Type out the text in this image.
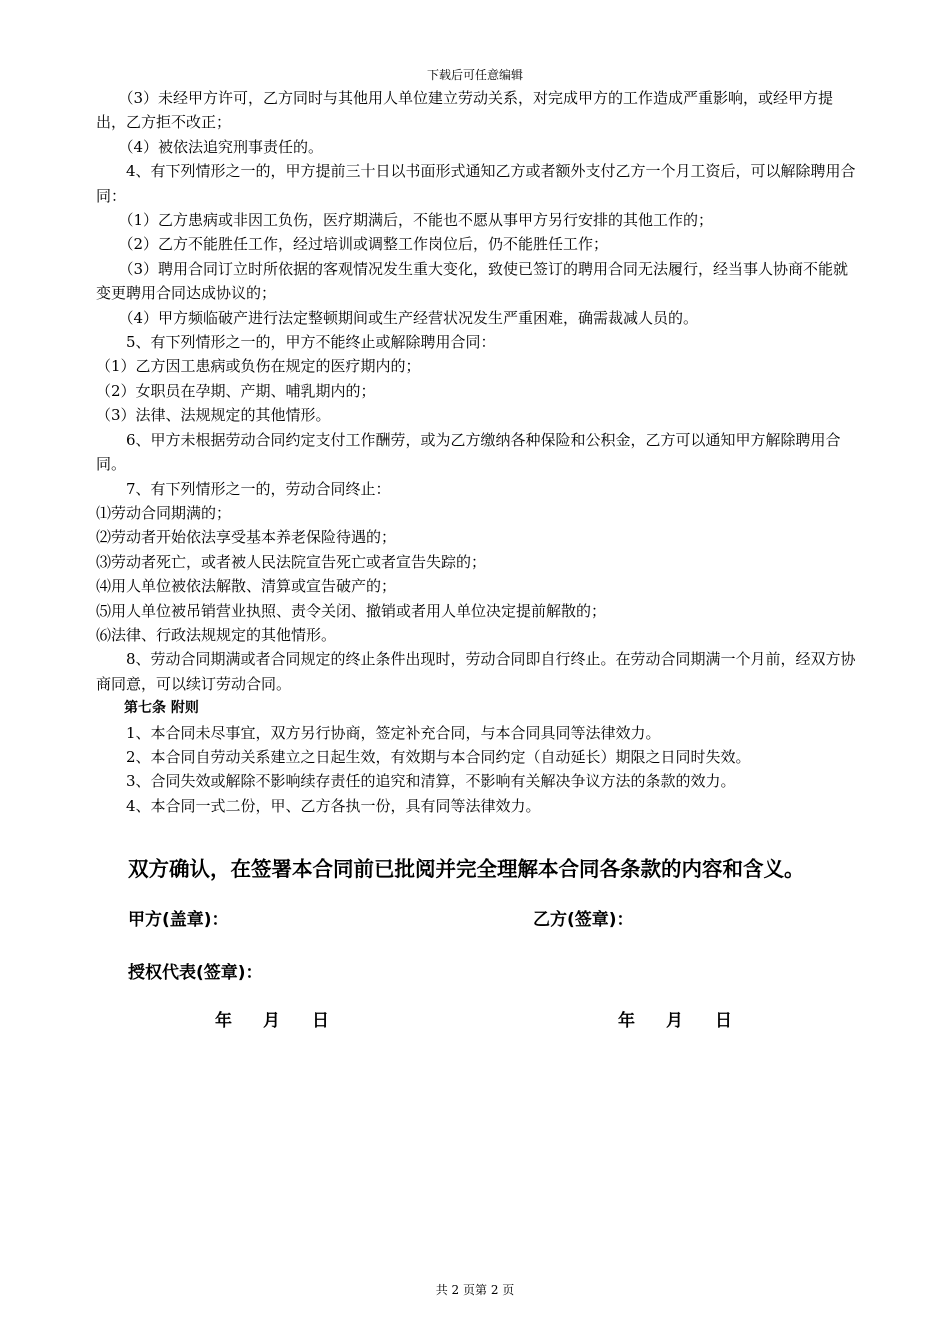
下载后可任意编辑

（3）未经甲方许可，乙方同时与其他用人单位建立劳动关系，对完成甲方的工作造成严重影响，或经甲方提出，乙方拒不改正；

（4）被依法追究刑事责任的。

4、有下列情形之一的，甲方提前三十日以书面形式通知乙方或者额外支付乙方一个月工资后，可以解除聘用合同：

（1）乙方患病或非因工负伤，医疗期满后，不能也不愿从事甲方另行安排的其他工作的；

（2）乙方不能胜任工作，经过培训或调整工作岗位后，仍不能胜任工作；

（3）聘用合同订立时所依据的客观情况发生重大变化，致使已签订的聘用合同无法履行，经当事人协商不能就变更聘用合同达成协议的；

（4）甲方频临破产进行法定整顿期间或生产经营状况发生严重困难，确需裁减人员的。

5、有下列情形之一的，甲方不能终止或解除聘用合同：

（1）乙方因工患病或负伤在规定的医疗期内的；

（2）女职员在孕期、产期、哺乳期内的；

（3）法律、法规规定的其他情形。

6、甲方未根据劳动合同约定支付工作酬劳，或为乙方缴纳各种保险和公积金，乙方可以通知甲方解除聘用合同。

7、有下列情形之一的，劳动合同终止：

⑴劳动合同期满的；

⑵劳动者开始依法享受基本养老保险待遇的；

⑶劳动者死亡，或者被人民法院宣告死亡或者宣告失踪的；

⑷用人单位被依法解散、清算或宣告破产的；

⑸用人单位被吊销营业执照、责令关闭、撤销或者用人单位决定提前解散的；

⑹法律、行政法规规定的其他情形。

8、劳动合同期满或者合同规定的终止条件出现时，劳动合同即自行终止。在劳动合同期满一个月前，经双方协商同意，可以续订劳动合同。

第七条 附则

1、本合同未尽事宜，双方另行协商，签定补充合同，与本合同具同等法律效力。

2、本合同自劳动关系建立之日起生效，有效期与本合同约定（自动延长）期限之日同时失效。

3、合同失效或解除不影响续存责任的追究和清算，不影响有关解决争议方法的条款的效力。

4、本合同一式二份，甲、乙方各执一份，具有同等法律效力。

双方确认，在签署本合同前已批阅并完全理解本合同各条款的内容和含义。
甲方(盖章)：	乙方(签章)：
授权代表(签章)：
年 月 日	年 月 日
共 2 页第 2 页
